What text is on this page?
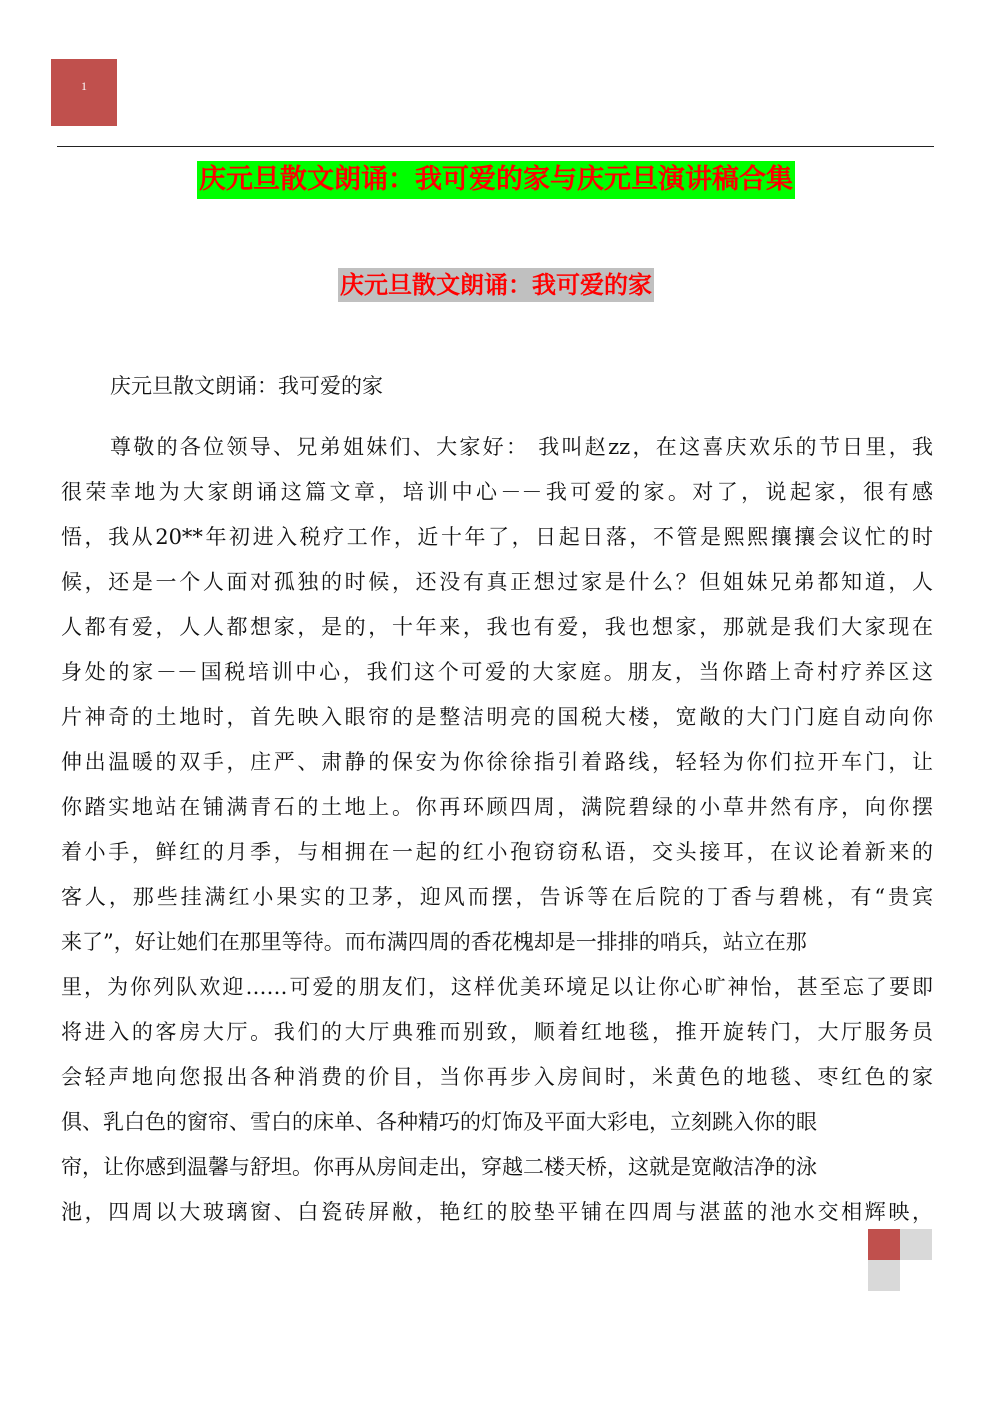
1
庆元旦散文朗诵：我可爱的家与庆元旦演讲稿合集
庆元旦散文朗诵：我可爱的家

庆元旦散文朗诵：我可爱的家

尊敬的各位领导、兄弟姐妹们、大家好： 我叫赵zz，在这喜庆欢乐的节日里，我
很荣幸地为大家朗诵这篇文章，培训中心－－我可爱的家。对了，说起家，很有感
悟，我从20**年初进入税疗工作，近十年了，日起日落，不管是熙熙攘攘会议忙的时
候，还是一个人面对孤独的时候，还没有真正想过家是什么？但姐妹兄弟都知道，人
人都有爱，人人都想家，是的，十年来，我也有爱，我也想家，那就是我们大家现在
身处的家－－国税培训中心，我们这个可爱的大家庭。朋友，当你踏上奇村疗养区这
片神奇的土地时，首先映入眼帘的是整洁明亮的国税大楼，宽敞的大门门庭自动向你
伸出温暖的双手，庄严、肃静的保安为你徐徐指引着路线，轻轻为你们拉开车门，让
你踏实地站在铺满青石的土地上。你再环顾四周，满院碧绿的小草井然有序，向你摆
着小手，鲜红的月季，与相拥在一起的红小孢窃窃私语，交头接耳，在议论着新来的
客人，那些挂满红小果实的卫茅，迎风而摆，告诉等在后院的丁香与碧桃，有“贵宾
来了”，好让她们在那里等待。而布满四周的香花槐却是一排排的哨兵，站立在那
里，为你列队欢迎……可爱的朋友们，这样优美环境足以让你心旷神怡，甚至忘了要即
将进入的客房大厅。我们的大厅典雅而别致，顺着红地毯，推开旋转门，大厅服务员
会轻声地向您报出各种消费的价目，当你再步入房间时，米黄色的地毯、枣红色的家
俱、乳白色的窗帘、雪白的床单、各种精巧的灯饰及平面大彩电，立刻跳入你的眼
帘，让你感到温馨与舒坦。你再从房间走出，穿越二楼天桥，这就是宽敞洁净的泳
池，四周以大玻璃窗、白瓷砖屏敝，艳红的胶垫平铺在四周与湛蓝的池水交相辉映，
